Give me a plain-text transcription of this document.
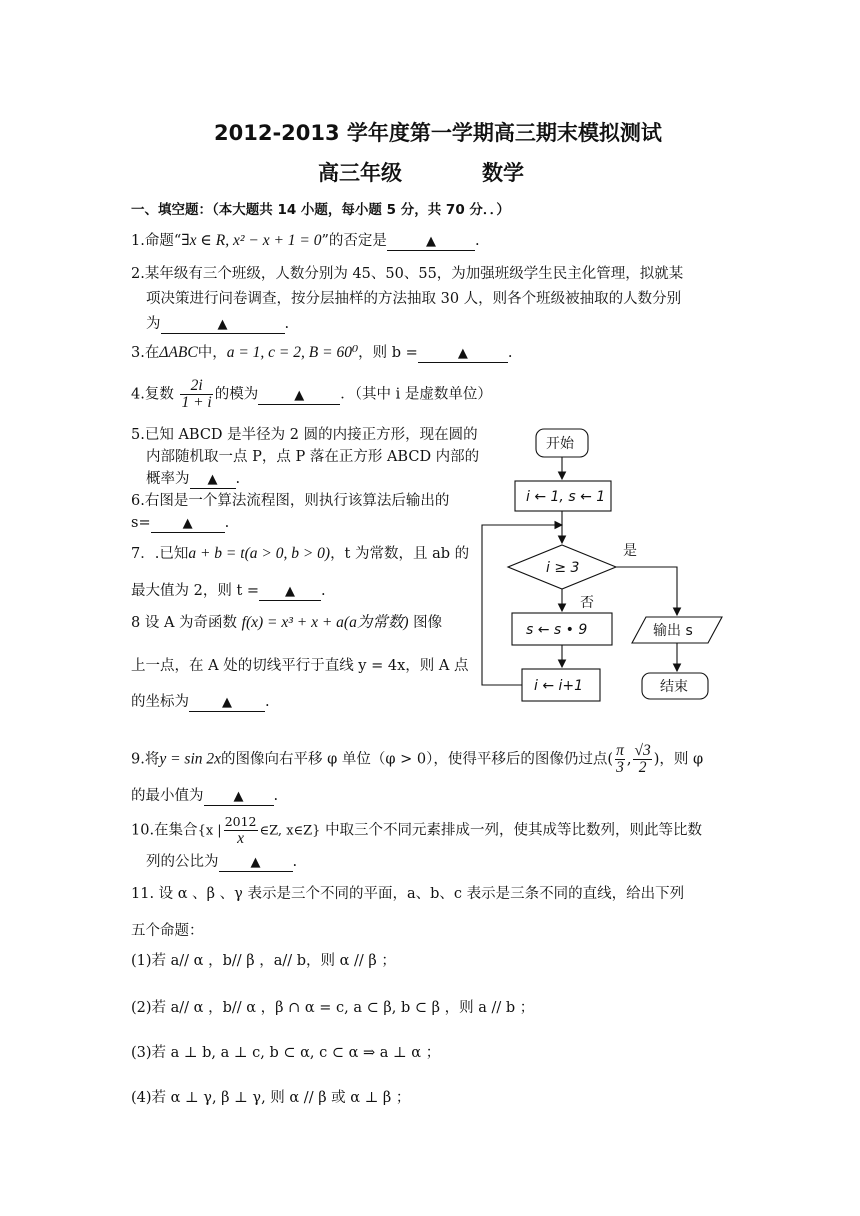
2012-2013 学年度第一学期高三期末模拟测试
高三年级	数学
一、填空题：（本大题共 14 小题，每小题 5 分，共 70 分．．）
1.命题“∃x ∈ R, x² − x + 1 = 0”的否定是	▲	.
2.某年级有三个班级，人数分别为 45、50、55，为加强班级学生民主化管理，拟就某
项决策进行问卷调查，按分层抽样的方法抽取 30 人，则各个班级被抽取的人数分别
为	▲	.
3.在ΔABC中，a = 1, c = 2, B = 60⁰，则 b =	▲	.
4.复数 $\frac{2i}{1 + i}$ 的模为	▲ ．（其中 i 是虚数单位）
5.已知 ABCD 是半径为 2 圆的内接正方形，现在圆的
内部随机取一点 P，点 P 落在正方形 ABCD 内部的
概率为 ▲ .
6.右图是一个算法流程图，则执行该算法后输出的
s= ▲ .
7．.已知a + b = t(a > 0, b > 0)，t 为常数，且 ab 的
最大值为 2，则 t = ▲ .
8 设 A 为奇函数 f(x) = x³ + x + a(a为常数) 图像
上一点，在 A 处的切线平行于直线 y = 4x，则 A 点
的坐标为	▲ .
9.将y = sin 2x的图像向右平移 φ 单位（φ > 0），使得平移后的图像仍过点( $\frac{\pi}{3}$ , $\frac{√3}{2}$ )，则 φ
的最小值为 ▲ .
10.在集合{x | $\frac{2012}{x}$ ∈Z, x∈Z} 中取三个不同元素排成一列，使其成等比数列，则此等比数
列的公比为 ▲ .
11. 设 α 、β 、γ 表示是三个不同的平面，a、b、c 表示是三条不同的直线，给出下列
五个命题：
(1)若 a// α ，b// β ，a// b，则 α // β ；
(2)若 a// α ，b// α ，β ∩ α = c, a ⊂ β, b ⊂ β ，则 a // b ；
(3)若 a ⊥ b, a ⊥ c, b ⊂ α, c ⊂ α ⇒ a ⊥ α ；
(4)若 α ⊥ γ, β ⊥ γ, 则 α // β 或 α ⊥ β ；
开始
i ← 1, s ← 1
i ≥ 3
是
否
s ← s • 9
i ← i+1
输出 s
结束
